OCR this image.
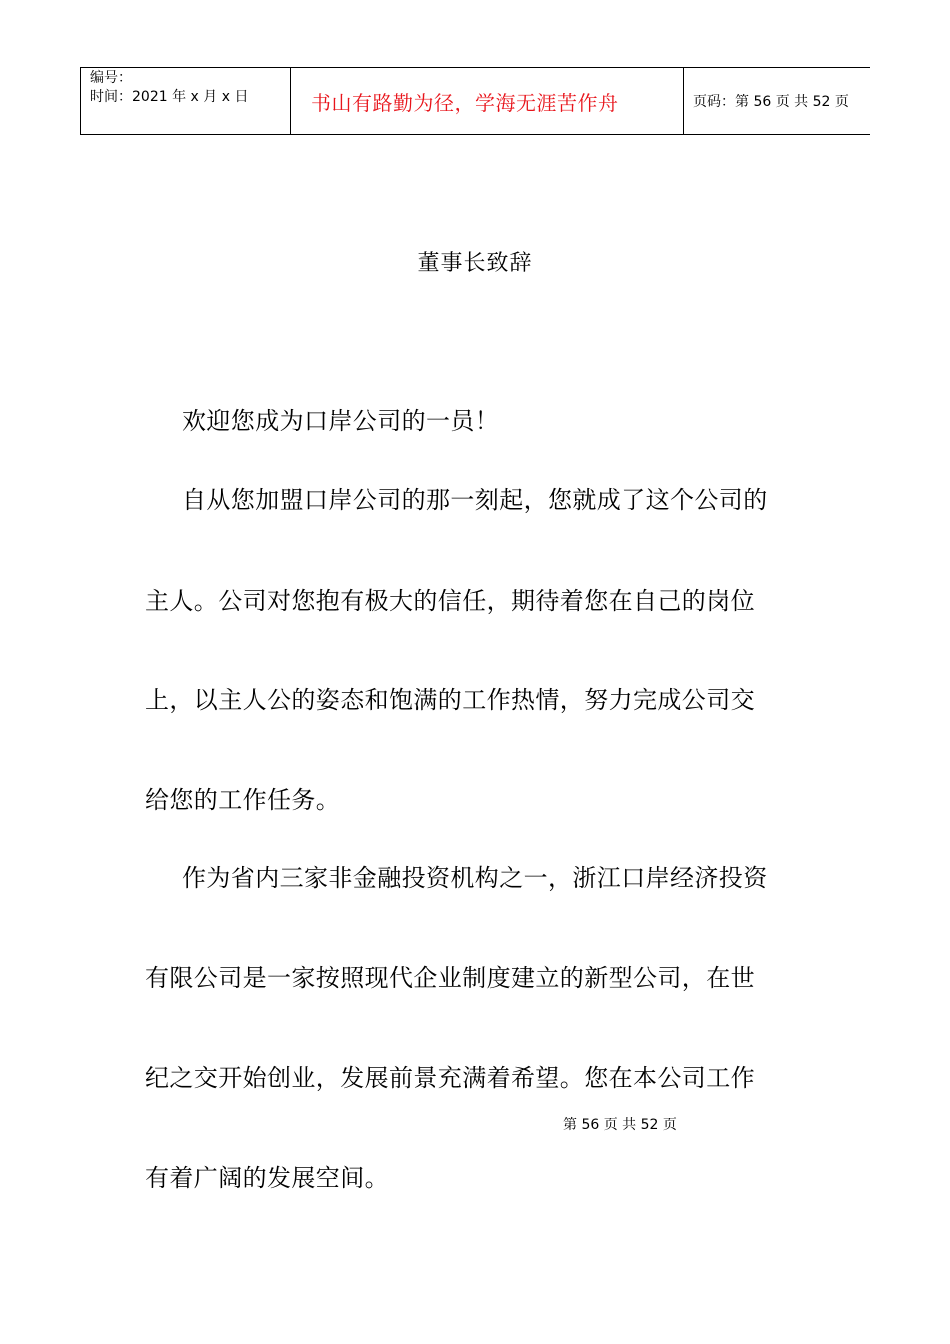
编号：
时间：2021 年 x 月 x 日	书山有路勤为径，学海无涯苦作舟	页码：第 56 页 共 52 页
董事长致辞
欢迎您成为口岸公司的一员！
自从您加盟口岸公司的那一刻起，您就成了这个公司的
主人。公司对您抱有极大的信任，期待着您在自己的岗位
上，以主人公的姿态和饱满的工作热情，努力完成公司交
给您的工作任务。
作为省内三家非金融投资机构之一，浙江口岸经济投资
有限公司是一家按照现代企业制度建立的新型公司，在世
纪之交开始创业，发展前景充满着希望。您在本公司工作
第 56 页 共 52 页
有着广阔的发展空间。
